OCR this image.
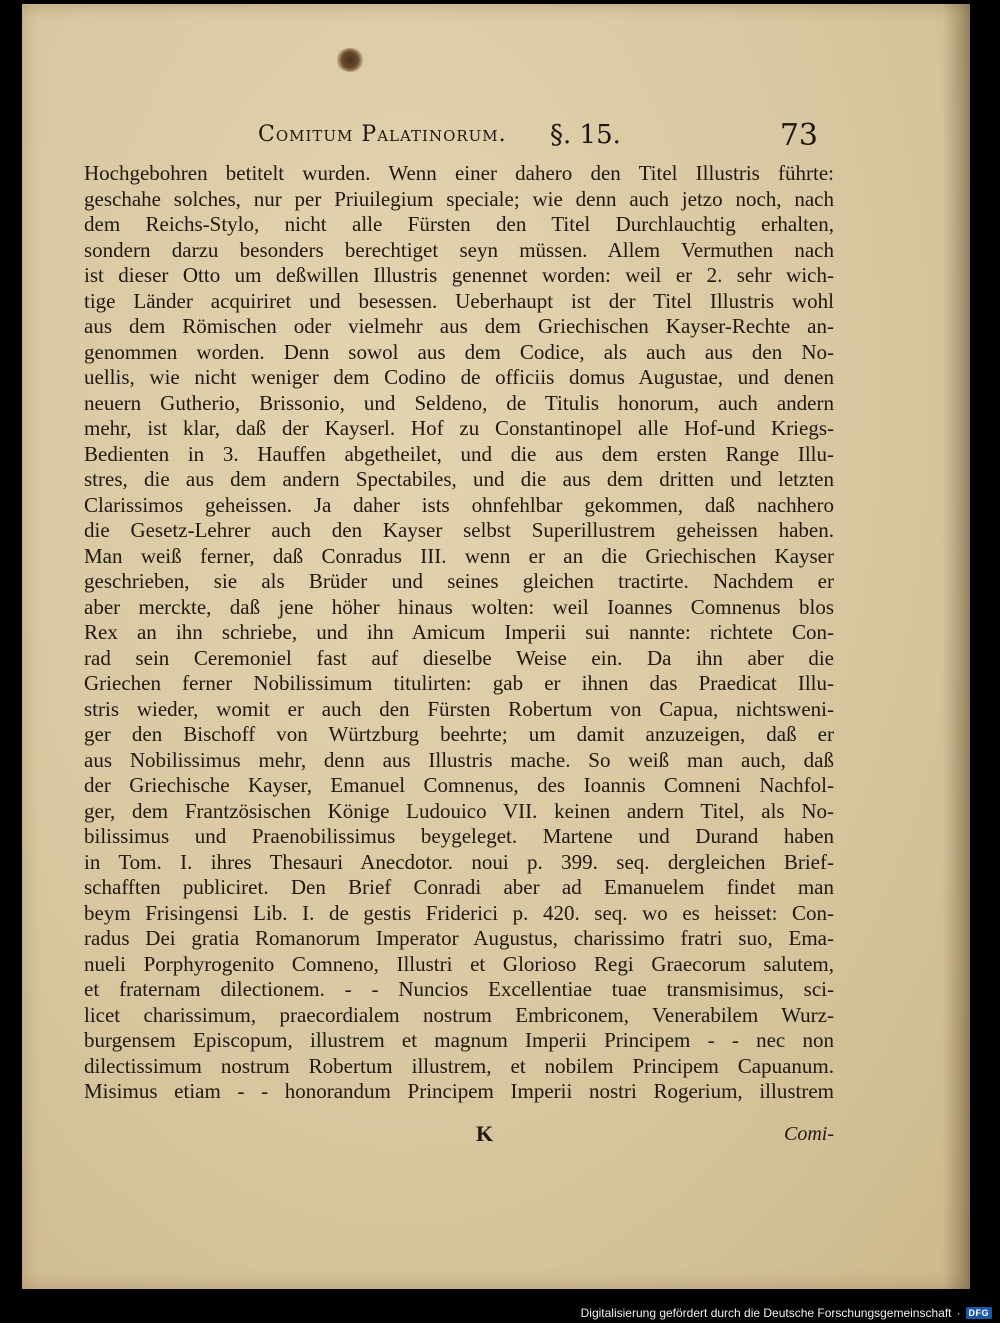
Comitum Palatinorum. §. 15.	73
Hochgebohren betitelt wurden. Wenn einer dahero den Titel Illustris führte:
geschahe solches, nur per Priuilegium speciale; wie denn auch jetzo noch, nach
dem Reichs-Stylo, nicht alle Fürsten den Titel Durchlauchtig erhalten,
sondern darzu besonders berechtiget seyn müssen. Allem Vermuthen nach
ist dieser Otto um deßwillen Illustris genennet worden: weil er 2. sehr wich-
tige Länder acquiriret und besessen. Ueberhaupt ist der Titel Illustris wohl
aus dem Römischen oder vielmehr aus dem Griechischen Kayser-Rechte an-
genommen worden. Denn sowol aus dem Codice, als auch aus den No-
uellis, wie nicht weniger dem Codino de officiis domus Augustae, und denen
neuern Gutherio, Brissonio, und Seldeno, de Titulis honorum, auch andern
mehr, ist klar, daß der Kayserl. Hof zu Constantinopel alle Hof-und Kriegs-
Bedienten in 3. Hauffen abgetheilet, und die aus dem ersten Range Illu-
stres, die aus dem andern Spectabiles, und die aus dem dritten und letzten
Clarissimos geheissen. Ja daher ists ohnfehlbar gekommen, daß nachhero
die Gesetz-Lehrer auch den Kayser selbst Superillustrem geheissen haben.
Man weiß ferner, daß Conradus III. wenn er an die Griechischen Kayser
geschrieben, sie als Brüder und seines gleichen tractirte. Nachdem er
aber merckte, daß jene höher hinaus wolten: weil Ioannes Comnenus blos
Rex an ihn schriebe, und ihn Amicum Imperii sui nannte: richtete Con-
rad sein Ceremoniel fast auf dieselbe Weise ein. Da ihn aber die
Griechen ferner Nobilissimum titulirten: gab er ihnen das Praedicat Illu-
stris wieder, womit er auch den Fürsten Robertum von Capua, nichtsweni-
ger den Bischoff von Würtzburg beehrte; um damit anzuzeigen, daß er
aus Nobilissimus mehr, denn aus Illustris mache. So weiß man auch, daß
der Griechische Kayser, Emanuel Comnenus, des Ioannis Comneni Nachfol-
ger, dem Frantzösischen Könige Ludouico VII. keinen andern Titel, als No-
bilissimus und Praenobilissimus beygeleget. Martene und Durand haben
in Tom. I. ihres Thesauri Anecdotor. noui p. 399. seq. dergleichen Brief-
schafften publiciret. Den Brief Conradi aber ad Emanuelem findet man
beym Frisingensi Lib. I. de gestis Friderici p. 420. seq. wo es heisset: Con-
radus Dei gratia Romanorum Imperator Augustus, charissimo fratri suo, Ema-
nueli Porphyrogenito Comneno, Illustri et Glorioso Regi Graecorum salutem,
et fraternam dilectionem. - - Nuncios Excellentiae tuae transmisimus, sci-
licet charissimum, praecordialem nostrum Embriconem, Venerabilem Wurz-
burgensem Episcopum, illustrem et magnum Imperii Principem - - nec non
dilectissimum nostrum Robertum illustrem, et nobilem Principem Capuanum.
Misimus etiam - - honorandum Principem Imperii nostri Rogerium, illustrem
K	Comi-
Digitalisierung gefördert durch die Deutsche Forschungsgemeinschaft · DFG
